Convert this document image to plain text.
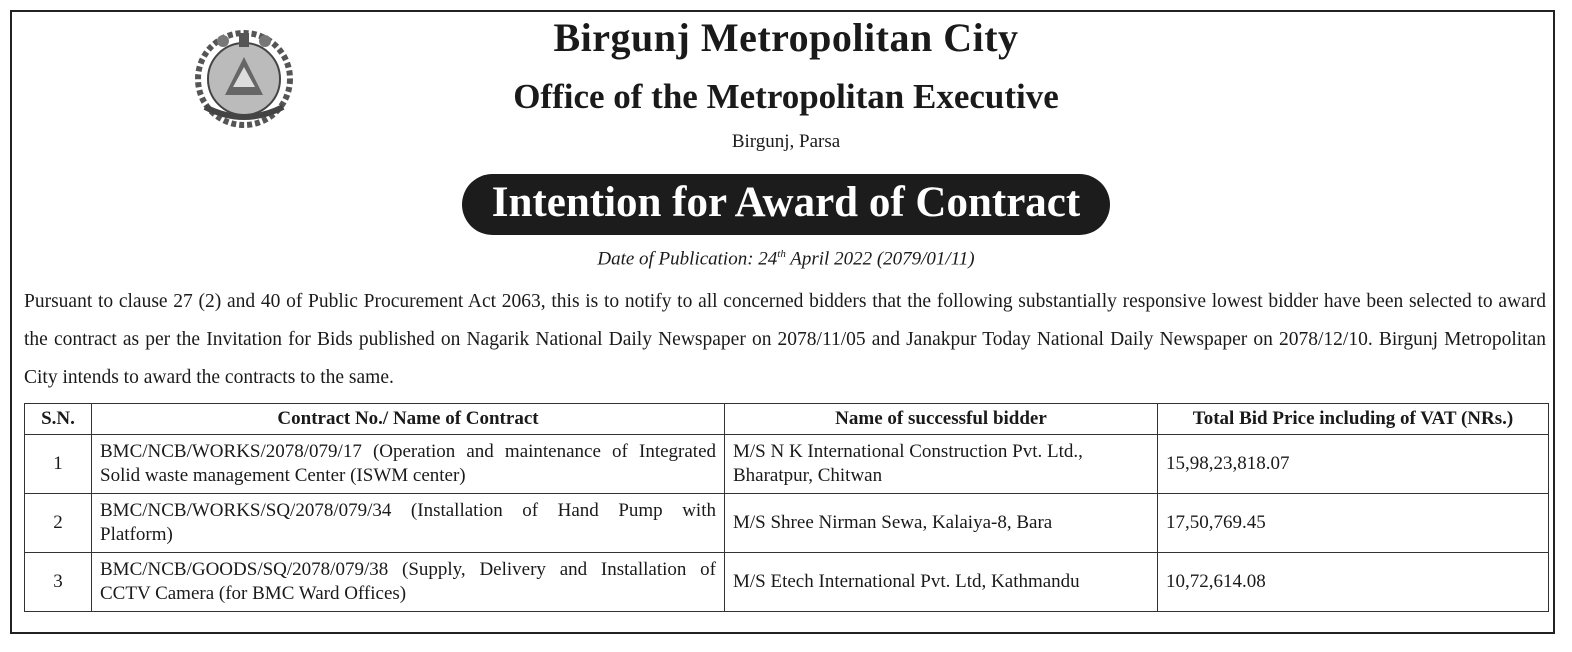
Birgunj Metropolitan City
Office of the Metropolitan Executive
Birgunj, Parsa
Intention for Award of Contract
Date of Publication: 24th April 2022 (2079/01/11)
Pursuant to clause 27 (2) and 40 of Public Procurement Act 2063, this is to notify to all concerned bidders that the following substantially responsive lowest bidder have been selected to award the contract as per the Invitation for Bids published on Nagarik National Daily Newspaper on 2078/11/05 and Janakpur Today National Daily Newspaper on 2078/12/10. Birgunj Metropolitan City intends to award the contracts to the same.
S.N.	Contract No./ Name of Contract	Name of successful bidder	Total Bid Price including of VAT (NRs.)
1	BMC/NCB/WORKS/2078/079/17 (Operation and maintenance of Integrated Solid waste management Center (ISWM center)	M/S N K International Construction Pvt. Ltd., Bharatpur, Chitwan	15,98,23,818.07
2	BMC/NCB/WORKS/SQ/2078/079/34 (Installation of Hand Pump with Platform)	M/S Shree Nirman Sewa, Kalaiya-8, Bara	17,50,769.45
3	BMC/NCB/GOODS/SQ/2078/079/38 (Supply, Delivery and Installation of CCTV Camera (for BMC Ward Offices)	M/S Etech International Pvt. Ltd, Kathmandu	10,72,614.08
